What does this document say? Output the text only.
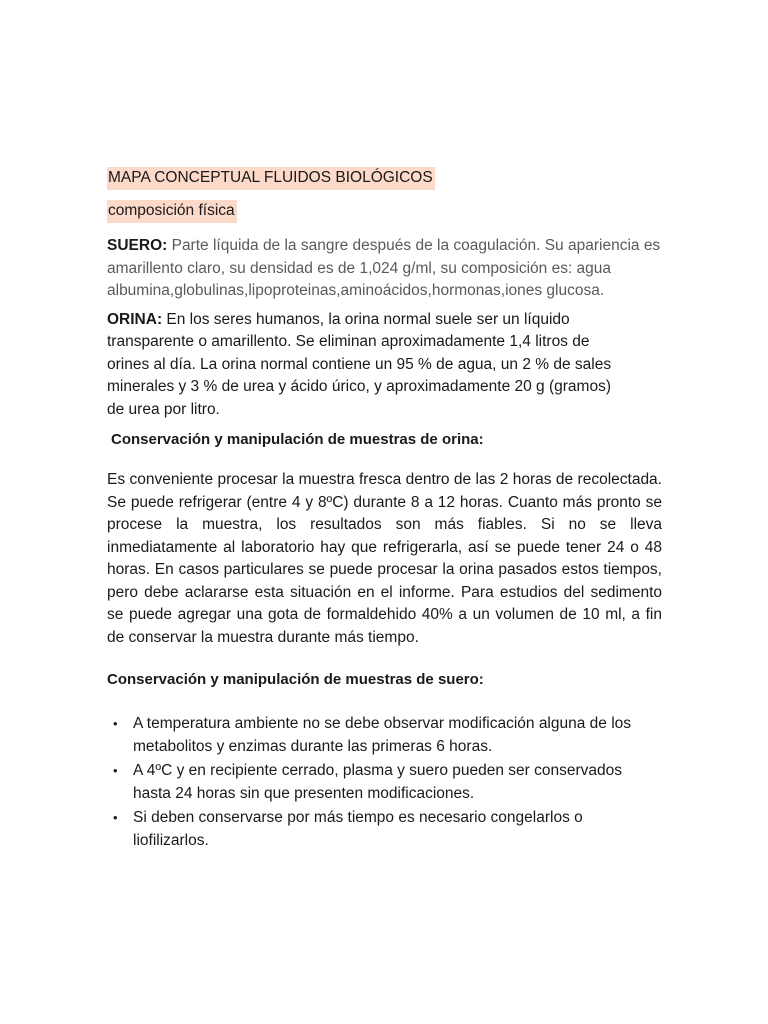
MAPA CONCEPTUAL FLUIDOS BIOLÓGICOS

composición física

SUERO: Parte líquida de la sangre después de la coagulación. Su apariencia es amarillento claro, su densidad es de 1,024 g/ml, su composición es: agua albumina,globulinas,lipoproteinas,aminoácidos,hormonas,iones glucosa.

ORINA: En los seres humanos, la orina normal suele ser un líquido transparente o amarillento. Se eliminan aproximadamente 1,4 litros de orines al día. La orina normal contiene un 95 % de agua, un 2 % de sales minerales y 3 % de urea y ácido úrico, y aproximadamente 20 g (gramos) de urea por litro.

Conservación y manipulación de muestras de orina:

Es conveniente procesar la muestra fresca dentro de las 2 horas de recolectada. Se puede refrigerar (entre 4 y 8ºC) durante 8 a 12 horas. Cuanto más pronto se procese la muestra, los resultados son más fiables. Si no se lleva inmediatamente al laboratorio hay que refrigerarla, así se puede tener 24 o 48 horas. En casos particulares se puede procesar la orina pasados estos tiempos, pero debe aclararse esta situación en el informe. Para estudios del sedimento se puede agregar una gota de formaldehido 40% a un volumen de 10 ml, a fin de conservar la muestra durante más tiempo.

Conservación y manipulación de muestras de suero:

• A temperatura ambiente no se debe observar modificación alguna de los metabolitos y enzimas durante las primeras 6 horas.
• A 4ºC y en recipiente cerrado, plasma y suero pueden ser conservados hasta 24 horas sin que presenten modificaciones.
• Si deben conservarse por más tiempo es necesario congelarlos o liofilizarlos.
